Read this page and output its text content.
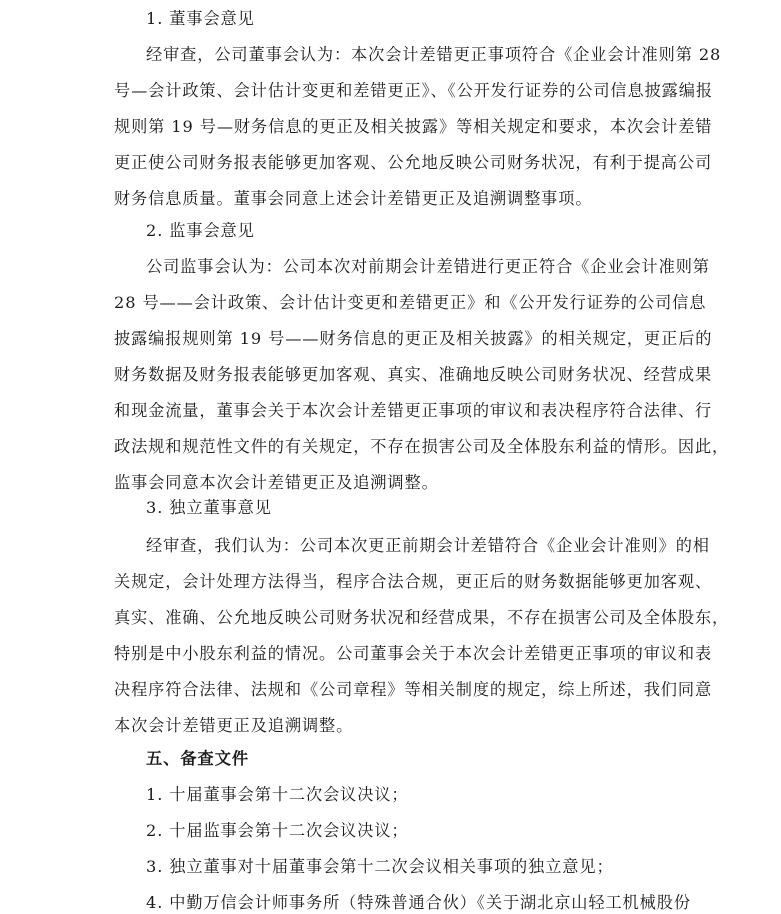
1. 董事会意见
经审查，公司董事会认为：本次会计差错更正事项符合《企业会计准则第 28
号—会计政策、会计估计变更和差错更正》、《公开发行证券的公司信息披露编报
规则第 19 号—财务信息的更正及相关披露》等相关规定和要求，本次会计差错
更正使公司财务报表能够更加客观、公允地反映公司财务状况，有利于提高公司
财务信息质量。董事会同意上述会计差错更正及追溯调整事项。
2. 监事会意见
公司监事会认为：公司本次对前期会计差错进行更正符合《企业会计准则第
28 号——会计政策、会计估计变更和差错更正》和《公开发行证券的公司信息
披露编报规则第 19 号——财务信息的更正及相关披露》的相关规定，更正后的
财务数据及财务报表能够更加客观、真实、准确地反映公司财务状况、经营成果
和现金流量，董事会关于本次会计差错更正事项的审议和表决程序符合法律、行
政法规和规范性文件的有关规定，不存在损害公司及全体股东利益的情形。因此，
监事会同意本次会计差错更正及追溯调整。
3. 独立董事意见
经审查，我们认为：公司本次更正前期会计差错符合《企业会计准则》的相
关规定，会计处理方法得当，程序合法合规，更正后的财务数据能够更加客观、
真实、准确、公允地反映公司财务状况和经营成果，不存在损害公司及全体股东，
特别是中小股东利益的情况。公司董事会关于本次会计差错更正事项的审议和表
决程序符合法律、法规和《公司章程》等相关制度的规定，综上所述，我们同意
本次会计差错更正及追溯调整。
五、备查文件
1. 十届董事会第十二次会议决议；
2. 十届监事会第十二次会议决议；
3. 独立董事对十届董事会第十二次会议相关事项的独立意见；
4. 中勤万信会计师事务所（特殊普通合伙）《关于湖北京山轻工机械股份
